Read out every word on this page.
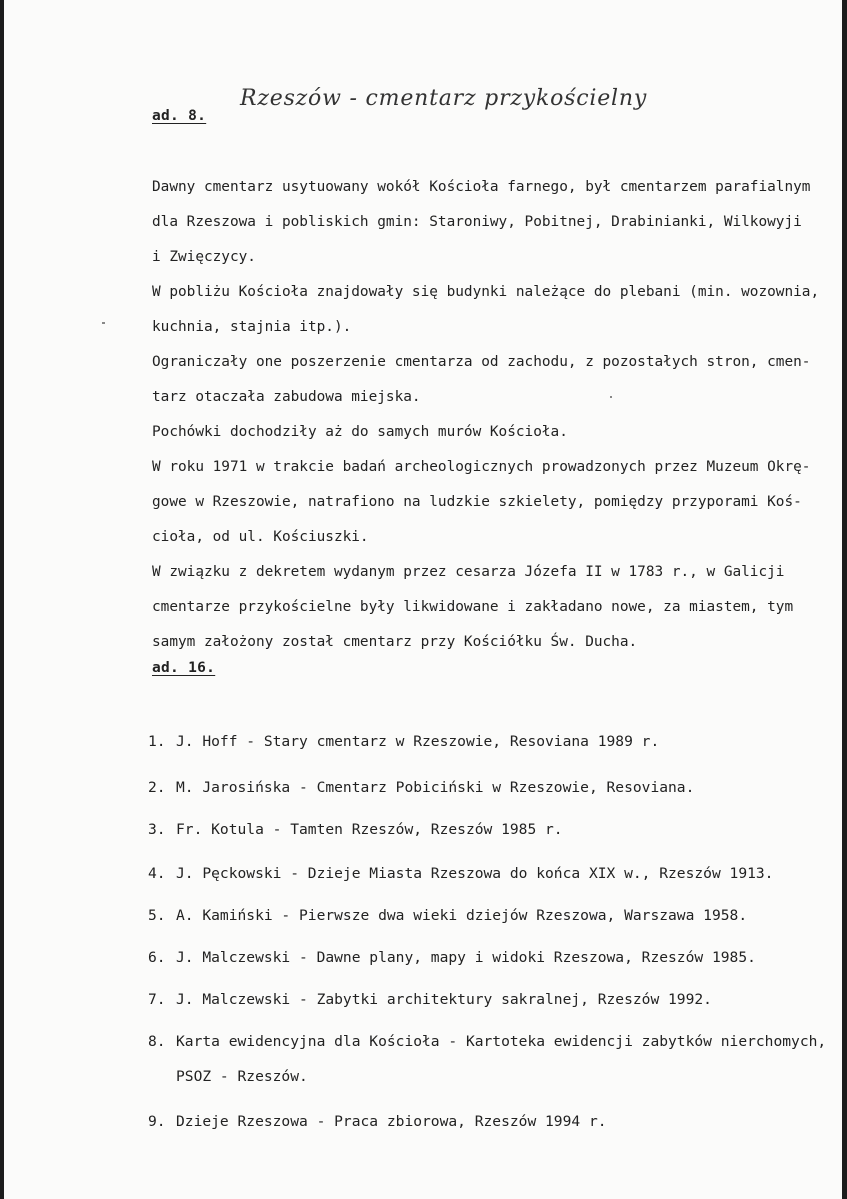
ad. 8.
Rzeszów - cmentarz przykościelny
Dawny cmentarz usytuowany wokół Kościoła farnego, był cmentarzem parafialnym
dla Rzeszowa i pobliskich gmin: Staroniwy, Pobitnej, Drabinianki, Wilkowyji
i Zwięczycy.
W pobliżu Kościoła znajdowały się budynki należące do plebani (min. wozownia,
kuchnia, stajnia itp.).
Ograniczały one poszerzenie cmentarza od zachodu, z pozostałych stron, cmen-
tarz otaczała zabudowa miejska.
Pochówki dochodziły aż do samych murów Kościoła.
W roku 1971 w trakcie badań archeologicznych prowadzonych przez Muzeum Okrę-
gowe w Rzeszowie, natrafiono na ludzkie szkielety, pomiędzy przyporami Koś-
cioła, od ul. Kościuszki.
W związku z dekretem wydanym przez cesarza Józefa II w 1783 r., w Galicji
cmentarze przykościelne były likwidowane i zakładano nowe, za miastem, tym
samym założony został cmentarz przy Kościółku Św. Ducha.
ad. 16.
1. J. Hoff - Stary cmentarz w Rzeszowie, Resoviana 1989 r.
2. M. Jarosińska - Cmentarz Pobiciński w Rzeszowie, Resoviana.
3. Fr. Kotula - Tamten Rzeszów, Rzeszów 1985 r.
4. J. Pęckowski - Dzieje Miasta Rzeszowa do końca XIX w., Rzeszów 1913.
5. A. Kamiński - Pierwsze dwa wieki dziejów Rzeszowa, Warszawa 1958.
6. J. Malczewski - Dawne plany, mapy i widoki Rzeszowa, Rzeszów 1985.
7. J. Malczewski - Zabytki architektury sakralnej, Rzeszów 1992.
8. Karta ewidencyjna dla Kościoła - Kartoteka ewidencji zabytków nierchomych,
PSOZ - Rzeszów.
9. Dzieje Rzeszowa - Praca zbiorowa, Rzeszów 1994 r.
